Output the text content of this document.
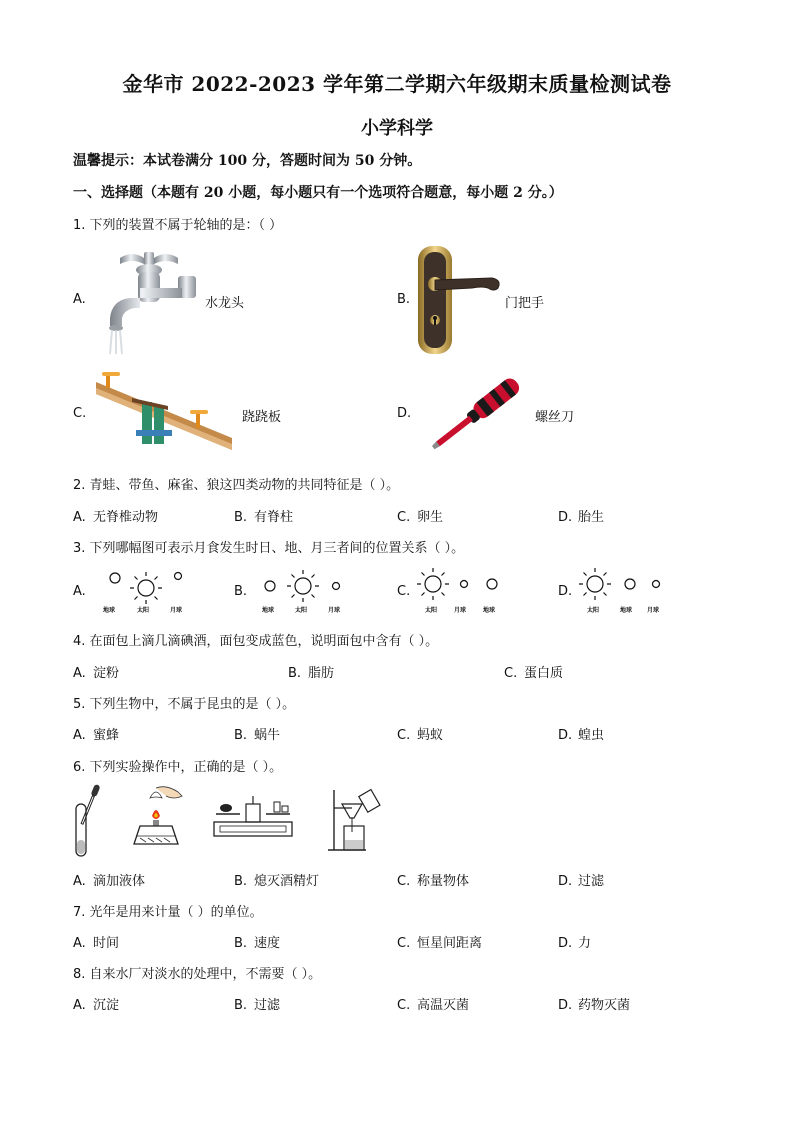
金华市 2022-2023 学年第二学期六年级期末质量检测试卷
小学科学
温馨提示：本试卷满分 100 分，答题时间为 50 分钟。
一、选择题（本题有 20 小题，每小题只有一个选项符合题意，每小题 2 分。）
1. 下列的装置不属于轮轴的是：（ ）
A.	水龙头	B.	门把手
C.	跷跷板	D.	螺丝刀
2. 青蛙、带鱼、麻雀、狼这四类动物的共同特征是（ ）。
A. 无脊椎动物	B. 有脊柱	C. 卵生	D. 胎生
3. 下列哪幅图可表示月食发生时日、地、月三者间的位置关系（ ）。
A.
地球	太阳	月球
B.
地球	太阳	月球
C.
太阳	月球	地球
D.
太阳	地球 月球
4. 在面包上滴几滴碘酒，面包变成蓝色，说明面包中含有（ ）。
A. 淀粉	B. 脂肪	C. 蛋白质
5. 下列生物中，不属于昆虫的是（ ）。
A. 蜜蜂	B. 蜗牛	C. 蚂蚁	D. 蝗虫
6. 下列实验操作中，正确的是（ ）。
A. 滴加液体	B. 熄灭酒精灯	C. 称量物体	D. 过滤
7. 光年是用来计量（ ）的单位。
A. 时间	B. 速度	C. 恒星间距离	D. 力
8. 自来水厂对淡水的处理中，不需要（ ）。
A. 沉淀	B. 过滤	C. 高温灭菌	D. 药物灭菌
